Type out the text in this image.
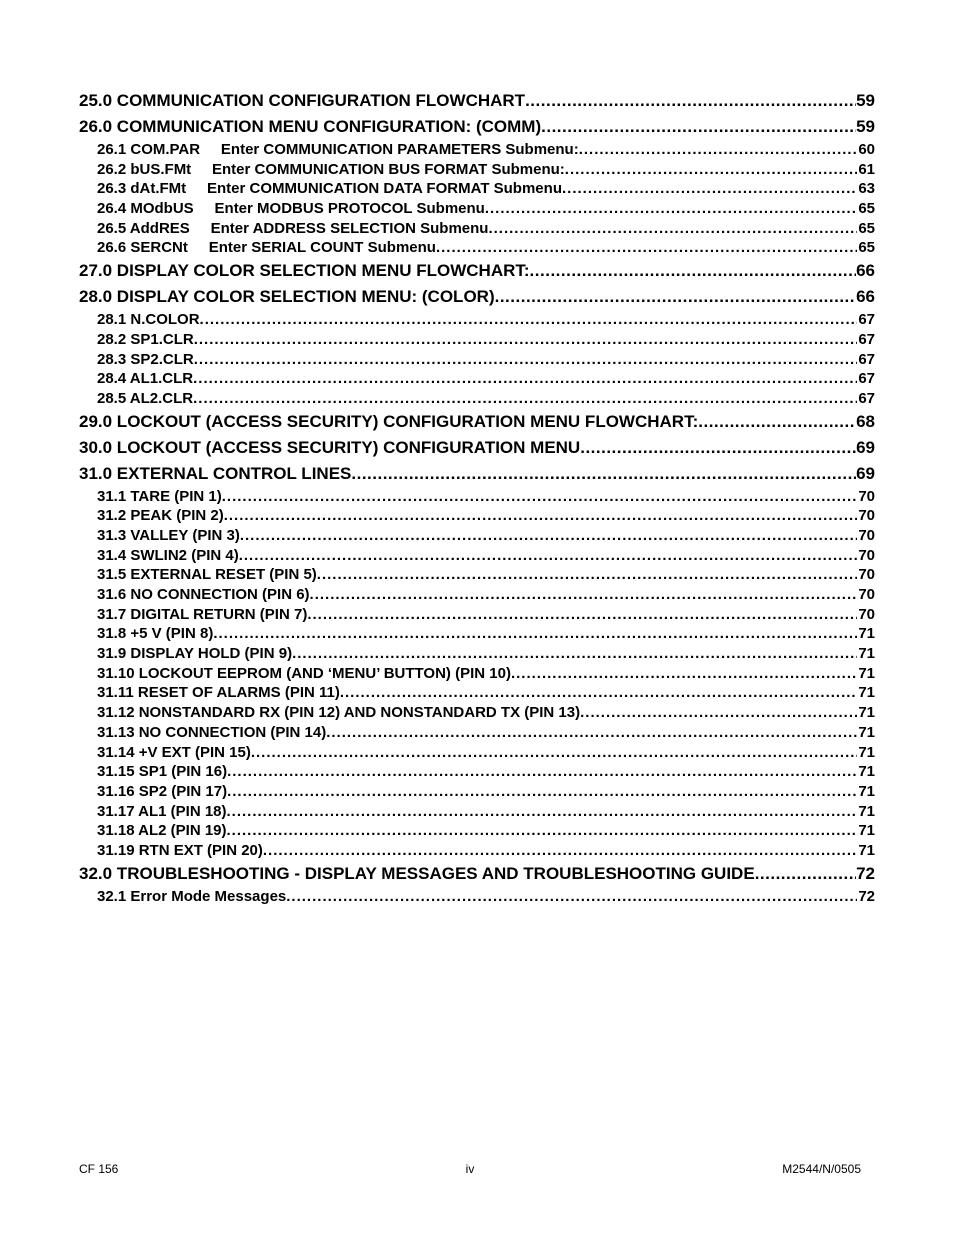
25.0 COMMUNICATION CONFIGURATION FLOWCHART .....	59
26.0 COMMUNICATION MENU CONFIGURATION: (COMM) .....	59
26.1 COM.PAR     Enter COMMUNICATION PARAMETERS Submenu: .....	60
26.2 bUS.FMt     Enter COMMUNICATION BUS FORMAT Submenu: .....	61
26.3 dAt.FMt     Enter COMMUNICATION DATA FORMAT Submenu .....	63
26.4 MOdbUS     Enter MODBUS PROTOCOL Submenu .....	65
26.5 AddRES     Enter ADDRESS SELECTION Submenu .....	65
26.6 SERCNt     Enter SERIAL COUNT Submenu .....	65
27.0 DISPLAY COLOR SELECTION MENU FLOWCHART: .....	66
28.0 DISPLAY COLOR SELECTION MENU: (COLOR) .....	66
28.1 N.COLOR .....	67
28.2 SP1.CLR .....	67
28.3 SP2.CLR .....	67
28.4 AL1.CLR .....	67
28.5 AL2.CLR .....	67
29.0 LOCKOUT (ACCESS SECURITY) CONFIGURATION MENU FLOWCHART: .....	68
30.0 LOCKOUT (ACCESS SECURITY) CONFIGURATION MENU .....	69
31.0 EXTERNAL CONTROL LINES .....	69
31.1 TARE (PIN 1) .....	70
31.2 PEAK (PIN 2) .....	70
31.3 VALLEY (PIN 3) .....	70
31.4 SWLIN2 (PIN 4) .....	70
31.5 EXTERNAL RESET (PIN 5) .....	70
31.6 NO CONNECTION (PIN 6) .....	70
31.7 DIGITAL RETURN (PIN 7) .....	70
31.8 +5 V (PIN 8) .....	71
31.9 DISPLAY HOLD (PIN 9) .....	71
31.10 LOCKOUT EEPROM (AND ‘MENU’ BUTTON) (PIN 10) .....	71
31.11 RESET OF ALARMS (PIN 11) .....	71
31.12 NONSTANDARD RX (PIN 12) AND NONSTANDARD TX (PIN 13) .....	71
31.13 NO CONNECTION (PIN 14) .....	71
31.14 +V EXT (PIN 15) .....	71
31.15 SP1 (PIN 16) .....	71
31.16 SP2 (PIN 17) .....	71
31.17 AL1 (PIN 18) .....	71
31.18 AL2 (PIN 19) .....	71
31.19 RTN EXT (PIN 20) .....	71
32.0 TROUBLESHOOTING - DISPLAY MESSAGES AND TROUBLESHOOTING GUIDE .....	72
32.1 Error Mode Messages .....	72
CF 156	iv	M2544/N/0505
